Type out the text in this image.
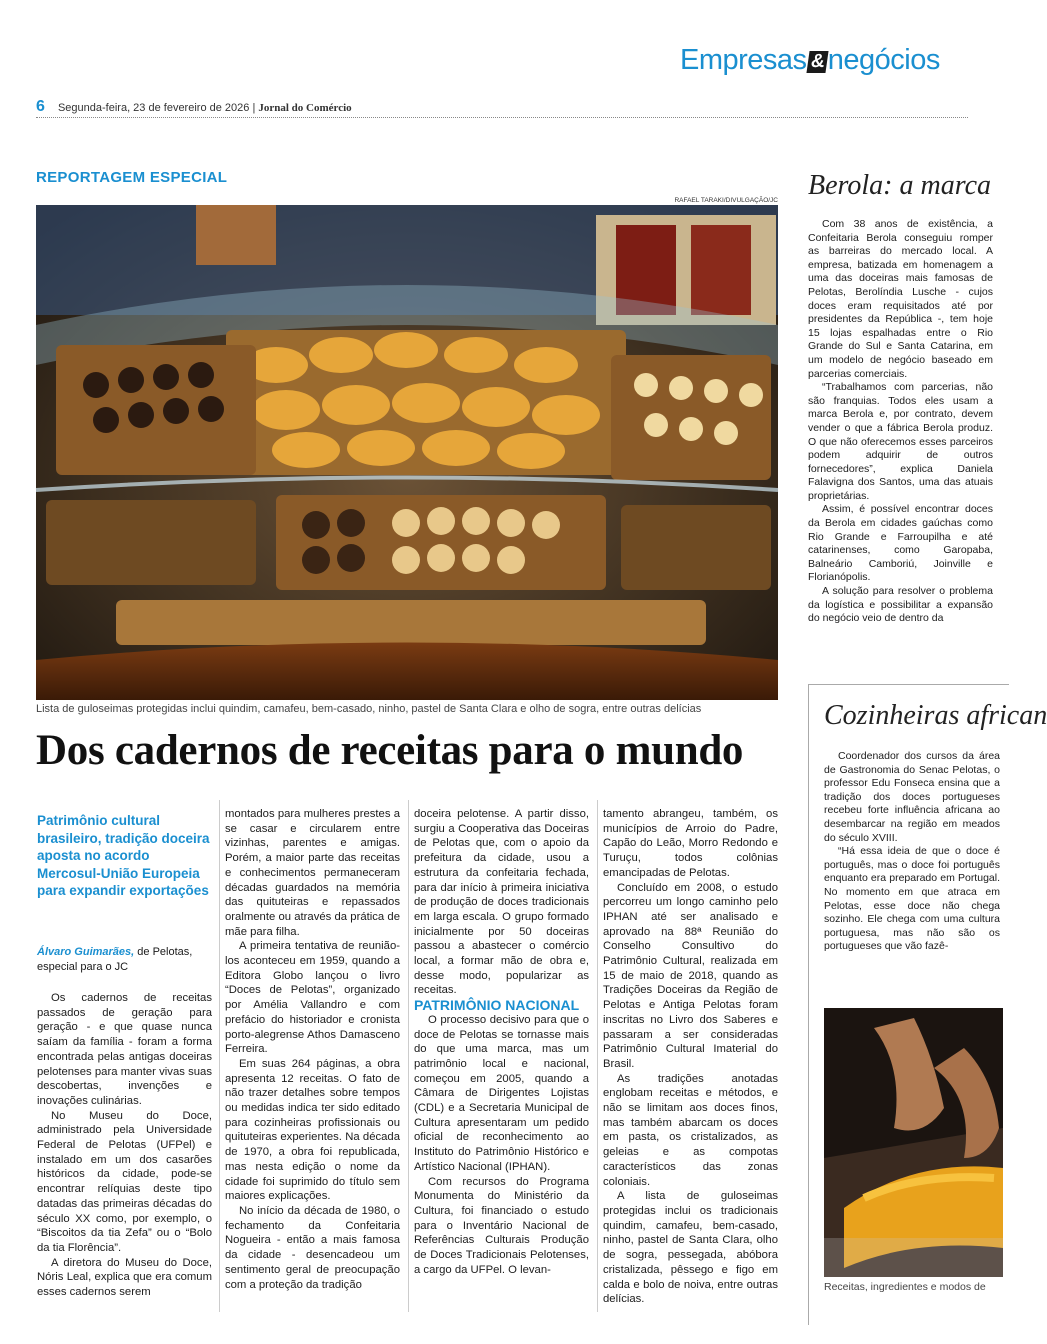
Empresas &negócios
6 Segunda-feira, 23 de fevereiro de 2026 | Jornal do Comércio
REPORTAGEM ESPECIAL
RAFAEL TARAKI/DIVULGAÇÃO/JC
Lista de guloseimas protegidas inclui quindim, camafeu, bem-casado, ninho, pastel de Santa Clara e olho de sogra, entre outras delícias
Dos cadernos de receitas para o mundo
Patrimônio cultural brasileiro, tradição doceira aposta no acordo Mercosul-União Europeia para expandir exportações
Álvaro Guimarães, de Pelotas, especial para o JC

Os cadernos de receitas passados de geração para geração - e que quase nunca saíam da família - foram a forma encontrada pelas antigas doceiras pelotenses para manter vivas suas descobertas, invenções e inovações culinárias.

No Museu do Doce, administrado pela Universidade Federal de Pelotas (UFPel) e instalado em um dos casarões históricos da cidade, pode-se encontrar relíquias deste tipo datadas das primeiras décadas do século XX como, por exemplo, o “Biscoitos da tia Zefa” ou o “Bolo da tia Florência”.

A diretora do Museu do Doce, Nóris Leal, explica que era comum esses cadernos serem

montados para mulheres prestes a se casar e circularem entre vizinhas, parentes e amigas. Porém, a maior parte das receitas e conhecimentos permaneceram décadas guardados na memória das quituteiras e repassados oralmente ou através da prática de mãe para filha.

A primeira tentativa de reunião-los aconteceu em 1959, quando a Editora Globo lançou o livro “Doces de Pelotas”, organizado por Amélia Vallandro e com prefácio do historiador e cronista porto-alegrense Athos Damasceno Ferreira.

Em suas 264 páginas, a obra apresenta 12 receitas. O fato de não trazer detalhes sobre tempos ou medidas indica ter sido editado para cozinheiras profissionais ou quituteiras experientes. Na década de 1970, a obra foi republicada, mas nesta edição o nome da cidade foi suprimido do título sem maiores explicações.

No início da década de 1980, o fechamento da Confeitaria Nogueira - então a mais famosa da cidade - desencadeou um sentimento geral de preocupação com a proteção da tradição

doceira pelotense. A partir disso, surgiu a Cooperativa das Doceiras de Pelotas que, com o apoio da prefeitura da cidade, usou a estrutura da confeitaria fechada, para dar início à primeira iniciativa de produção de doces tradicionais em larga escala. O grupo formado inicialmente por 50 doceiras passou a abastecer o comércio local, a formar mão de obra e, desse modo, popularizar as receitas.

PATRIMÔNIO NACIONAL

O processo decisivo para que o doce de Pelotas se tornasse mais do que uma marca, mas um patrimônio local e nacional, começou em 2005, quando a Câmara de Dirigentes Lojistas (CDL) e a Secretaria Municipal de Cultura apresentaram um pedido oficial de reconhecimento ao Instituto do Patrimônio Histórico e Artístico Nacional (IPHAN).

Com recursos do Programa Monumenta do Ministério da Cultura, foi financiado o estudo para o Inventário Nacional de Referências Culturais Produção de Doces Tradicionais Pelotenses, a cargo da UFPel. O levan-

tamento abrangeu, também, os municípios de Arroio do Padre, Capão do Leão, Morro Redondo e Turuçu, todos colônias emancipadas de Pelotas.

Concluído em 2008, o estudo percorreu um longo caminho pelo IPHAN até ser analisado e aprovado na 88ª Reunião do Conselho Consultivo do Patrimônio Cultural, realizada em 15 de maio de 2018, quando as Tradições Doceiras da Região de Pelotas e Antiga Pelotas foram inscritas no Livro dos Saberes e passaram a ser consideradas Patrimônio Cultural Imaterial do Brasil.

As tradições anotadas englobam receitas e métodos, e não se limitam aos doces finos, mas também abarcam os doces em pasta, os cristalizados, as geleias e as compotas característicos das zonas coloniais.

A lista de guloseimas protegidas inclui os tradicionais quindim, camafeu, bem-casado, ninho, pastel de Santa Clara, olho de sogra, pessegada, abóbora cristalizada, pêssego e figo em calda e bolo de noiva, entre outras delícias.

Berola: a marca

Com 38 anos de existência, a Confeitaria Berola conseguiu romper as barreiras do mercado local. A empresa, batizada em homenagem a uma das doceiras mais famosas de Pelotas, Berolíndia Lusche - cujos doces eram requisitados até por presidentes da República -, tem hoje 15 lojas espalhadas entre o Rio Grande do Sul e Santa Catarina, em um modelo de negócio baseado em parcerias comerciais.

“Trabalhamos com parcerias, não são franquias. Todos eles usam a marca Berola e, por contrato, devem vender o que a fábrica Berola produz. O que não oferecemos esses parceiros podem adquirir de outros fornecedores”, explica Daniela Falavigna dos Santos, uma das atuais proprietárias.

Assim, é possível encontrar doces da Berola em cidades gaúchas como Rio Grande e Farroupilha e até catarinenses, como Garopaba, Balneário Camboriú, Joinville e Florianópolis.

A solução para resolver o problema da logística e possibilitar a expansão do negócio veio de dentro da

Cozinheiras african

Coordenador dos cursos da área de Gastronomia do Senac Pelotas, o professor Edu Fonseca ensina que a tradição dos doces portugueses recebeu forte influência africana ao desembarcar na região em meados do século XVIII.

“Há essa ideia de que o doce é português, mas o doce foi português enquanto era preparado em Portugal. No momento em que atraca em Pelotas, esse doce não chega sozinho. Ele chega com uma cultura portuguesa, mas não são os portugueses que vão fazê-

Receitas, ingredientes e modos de
